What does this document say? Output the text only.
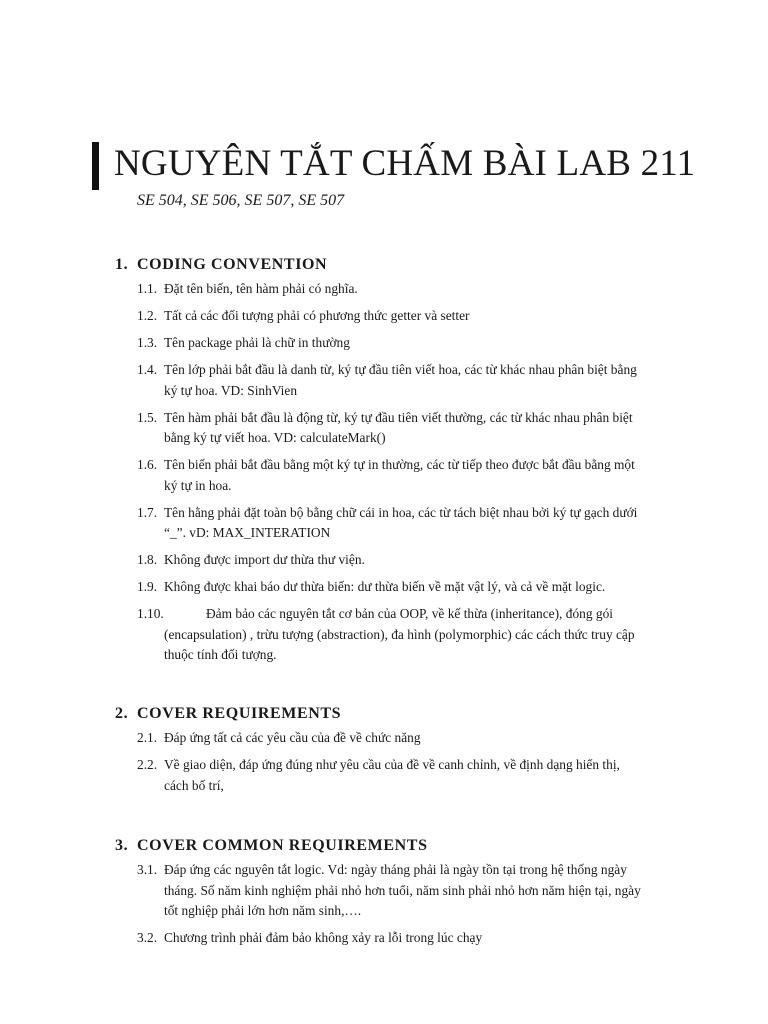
NGUYÊN TẮT CHẤM BÀI LAB 211
SE 504, SE 506, SE 507, SE 507
1. CODING CONVENTION
1.1. Đặt tên biến, tên hàm phải có nghĩa.
1.2. Tất cả các đối tượng phải có phương thức getter và setter
1.3. Tên package phải là chữ in thường
1.4. Tên lớp phải bắt đầu là danh từ, ký tự đầu tiên viết hoa, các từ khác nhau phân biệt bằng
ký tự hoa. VD: SinhVien
1.5. Tên hàm phải bắt đầu là động từ, ký tự đầu tiên viết thường, các từ khác nhau phân biệt
bằng ký tự viết hoa. VD: calculateMark()
1.6. Tên biến phải bắt đầu bằng một ký tự in thường, các từ tiếp theo được bắt đầu bằng một
ký tự in hoa.
1.7. Tên hằng phải đặt toàn bộ bằng chữ cái in hoa, các từ tách biệt nhau bởi ký tự gạch dưới
“_”. vD: MAX_INTERATION
1.8. Không được import dư thừa thư viện.
1.9. Không được khai báo dư thừa biến: dư thừa biến về mặt vật lý, và cả về mặt logic.
1.10.	Đảm bảo các nguyên tắt cơ bản của OOP, về kế thừa (inheritance), đóng gói
(encapsulation) , trừu tượng (abstraction), đa hình (polymorphic) các cách thức truy cập
thuộc tính đối tượng.
2. COVER REQUIREMENTS
2.1. Đáp ứng tất cả các yêu cầu của đề về chức năng
2.2. Về giao diện, đáp ứng đúng như yêu cầu của đề về canh chỉnh, về định dạng hiển thị,
cách bố trí,
3. COVER COMMON REQUIREMENTS
3.1. Đáp ứng các nguyên tắt logic. Vd: ngày tháng phải là ngày tồn tại trong hệ thống ngày
tháng. Số năm kinh nghiệm phải nhỏ hơn tuổi, năm sinh phải nhỏ hơn năm hiện tại, ngày
tốt nghiệp phải lớn hơn năm sinh,….
3.2. Chương trình phải đảm bảo không xảy ra lỗi trong lúc chạy
